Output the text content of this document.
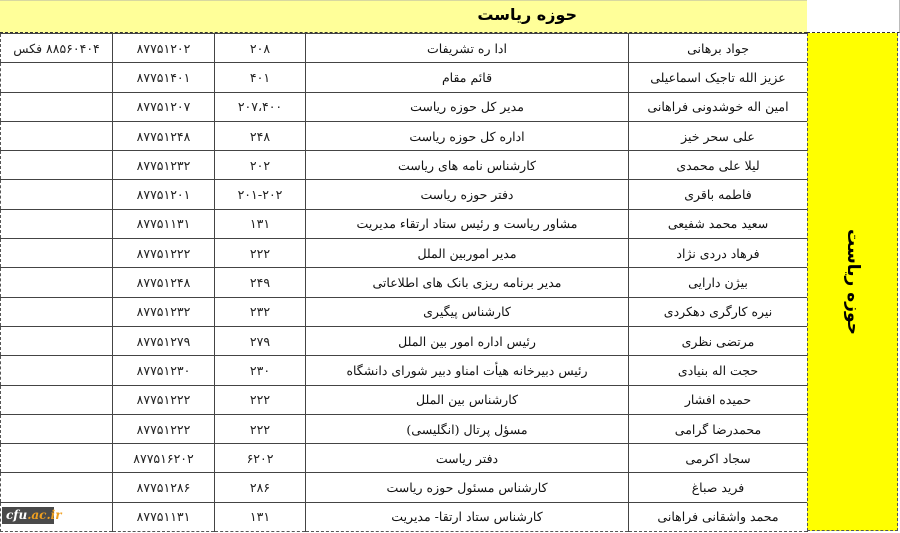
حوزه ریاست
۸۸۵۶۰۴۰۴ فکس	۸۷۷۵۱۲۰۲	۲۰۸	ادا ره تشریفات	جواد برهانی
	۸۷۷۵۱۴۰۱	۴۰۱	قائم مقام	عزیز الله تاجیک اسماعیلی
	۸۷۷۵۱۲۰۷	۲۰۷،۴۰۰	مدیر کل حوزه ریاست	امین اله خوشدونی فراهانی
	۸۷۷۵۱۲۴۸	۲۴۸	اداره کل حوزه ریاست	علی سحر خیز
	۸۷۷۵۱۲۳۲	۲۰۲	کارشناس نامه های ریاست	لیلا علی محمدی
	۸۷۷۵۱۲۰۱	۲۰۱-۲۰۲	دفتر حوزه ریاست	فاطمه باقری
	۸۷۷۵۱۱۳۱	۱۳۱	مشاور ریاست و رئیس ستاد ارتقاء مدیریت	سعید محمد شفیعی
	۸۷۷۵۱۲۲۲	۲۲۲	مدیر اموربین الملل	فرهاد دردی نژاد
	۸۷۷۵۱۲۴۸	۲۴۹	مدیر برنامه ریزی بانک های اطلاعاتی	بیژن دارایی
	۸۷۷۵۱۲۳۲	۲۳۲	کارشناس پیگیری	نیره کارگری دهکردی
	۸۷۷۵۱۲۷۹	۲۷۹	رئیس اداره امور بین الملل	مرتضی نظری
	۸۷۷۵۱۲۳۰	۲۳۰	رئیس دبیرخانه هیأت امناو دبیر شورای دانشگاه	حجت اله بنیادی
	۸۷۷۵۱۲۲۲	۲۲۲	کارشناس بین الملل	حمیده افشار
	۸۷۷۵۱۲۲۲	۲۲۲	مسؤل پرتال (انگلیسی)	محمدرضا گرامی
	۸۷۷۵۱۶۲۰۲	۶۲۰۲	دفتر ریاست	سجاد اکرمی
	۸۷۷۵۱۲۸۶	۲۸۶	کارشناس مسئول حوزه ریاست	فرید صباغ
	۸۷۷۵۱۱۳۱	۱۳۱	کارشناس ستاد ارتقا- مدیریت	محمد واشقانی فراهانی
حوزه ریاست
cfu.ac.ir
